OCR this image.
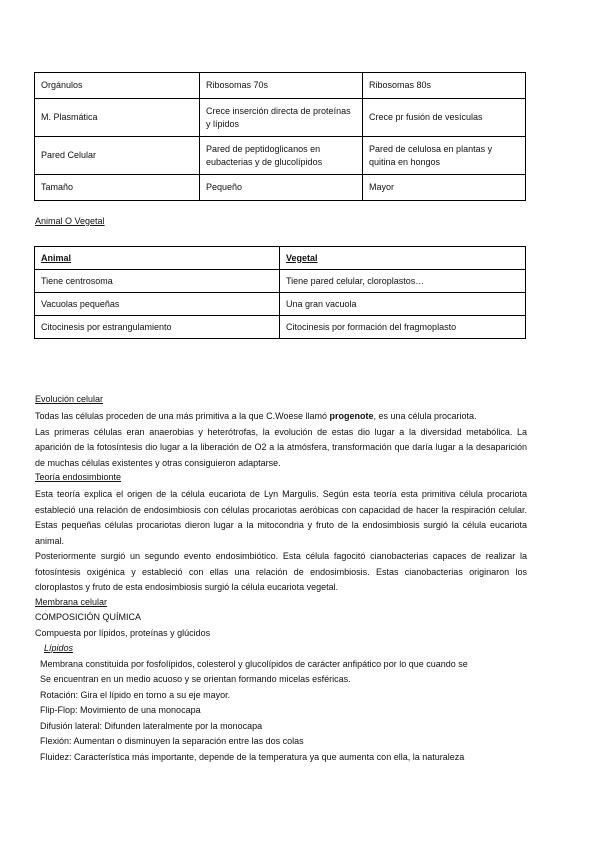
Orgánulos	Ribosomas 70s	Ribosomas 80s
M. Plasmática	Crece inserción directa de proteínas y lípidos	Crece pr fusión de vesículas
Pared Celular	Pared de peptidoglicanos en eubacterias y de glucolípidos	Pared de celulosa en plantas y quitina en hongos
Tamaño	Pequeño	Mayor
Animal O Vegetal
Animal	Vegetal
Tiene centrosoma	Tiene pared celular, cloroplastos…
Vacuolas pequeñas	Una gran vacuola
Citocinesis por estrangulamiento	Citocinesis por formación del fragmoplasto
Evolución celular

Todas las células proceden de una más primitiva a la que C.Woese llamó progenote, es una célula procariota.

Las primeras células eran anaerobias y heterótrofas, la evolución de estas dio lugar a la diversidad metabólica. La aparición de la fotosíntesis dio lugar a la liberación de O2 a la atmósfera, transformación que daría lugar a la desaparición de muchas células existentes y otras consiguieron adaptarse.

Teoría endosimbionte

Esta teoría explica el origen de la célula eucariota de Lyn Margulis. Según esta teoría esta primitiva célula procariota estableció una relación de endosimbiosis con células procariotas aeróbicas con capacidad de hacer la respiración celular. Estas pequeñas células procariotas dieron lugar a la mitocondria y fruto de la endosimbiosis surgió la célula eucariota animal.

Posteriormente surgió un segundo evento endosimbiótico. Esta célula fagocitó cianobacterias capaces de realizar la fotosíntesis oxigénica y estableció con ellas una relación de endosimbiosis. Estas cianobacterias originaron los cloroplastos y fruto de esta endosimbiosis surgió la célula eucariota vegetal.

Membrana celular
COMPOSICIÓN QUÍMICA
Compuesta por lípidos, proteínas y glúcidos
Lípidos
Membrana constituida por fosfolípidos, colesterol y glucolípidos de carácter anfipático por lo que cuando se
Se encuentran en un medio acuoso y se orientan formando micelas esféricas.
Rotación: Gira el lípido en torno a su eje mayor.
Flip-Flop: Movimiento de una monocapa
Difusión lateral: Difunden lateralmente por la monocapa
Flexión: Aumentan o disminuyen la separación entre las dos colas
Fluidez: Característica más importante, depende de la temperatura ya que aumenta con ella, la naturaleza
